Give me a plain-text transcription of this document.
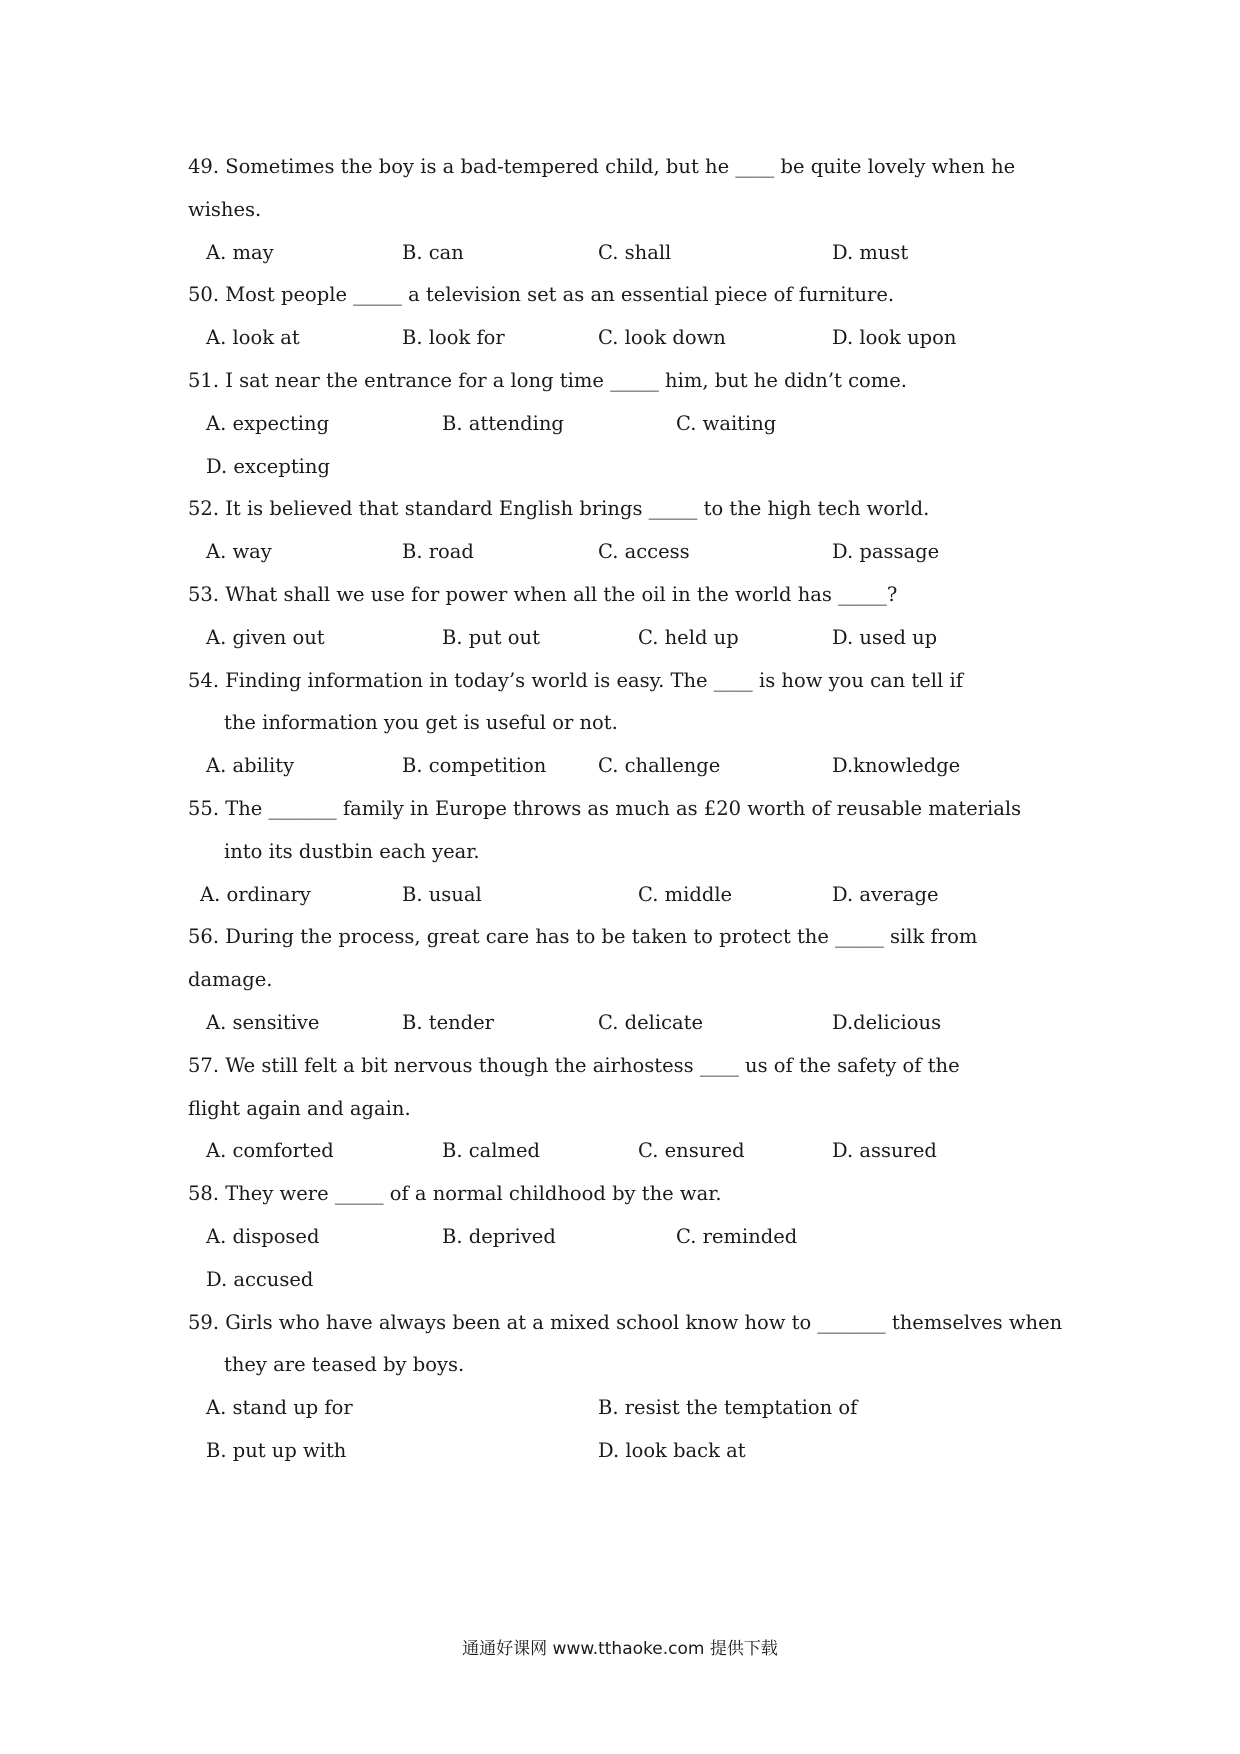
49. Sometimes the boy is a bad-tempered child, but he ____ be quite lovely when he
wishes.
A. may	B. can	C. shall	D. must
50. Most people _____ a television set as an essential piece of furniture.
A. look at	B. look for	C. look down	D. look upon
51. I sat near the entrance for a long time _____ him, but he didn’t come.
A. expecting	B. attending	C. waiting
D. excepting
52. It is believed that standard English brings _____ to the high tech world.
A. way	B. road	C. access	D. passage
53. What shall we use for power when all the oil in the world has _____?
A. given out	B. put out	C. held up	D. used up
54. Finding information in today’s world is easy. The ____ is how you can tell if
the information you get is useful or not.
A. ability	B. competition	C. challenge	D.knowledge
55. The _______ family in Europe throws as much as £20 worth of reusable materials
into its dustbin each year.
A. ordinary	B. usual	C. middle	D. average
56. During the process, great care has to be taken to protect the _____ silk from
damage.
A. sensitive	B. tender	C. delicate	D.delicious
57. We still felt a bit nervous though the airhostess ____ us of the safety of the
flight again and again.
A. comforted	B. calmed	C. ensured	D. assured
58. They were _____ of a normal childhood by the war.
A. disposed	B. deprived	C. reminded
D. accused
59. Girls who have always been at a mixed school know how to _______ themselves when
they are teased by boys.
A. stand up for	B. resist the temptation of
B. put up with	D. look back at
通通好课网 www.tthaoke.com 提供下载
